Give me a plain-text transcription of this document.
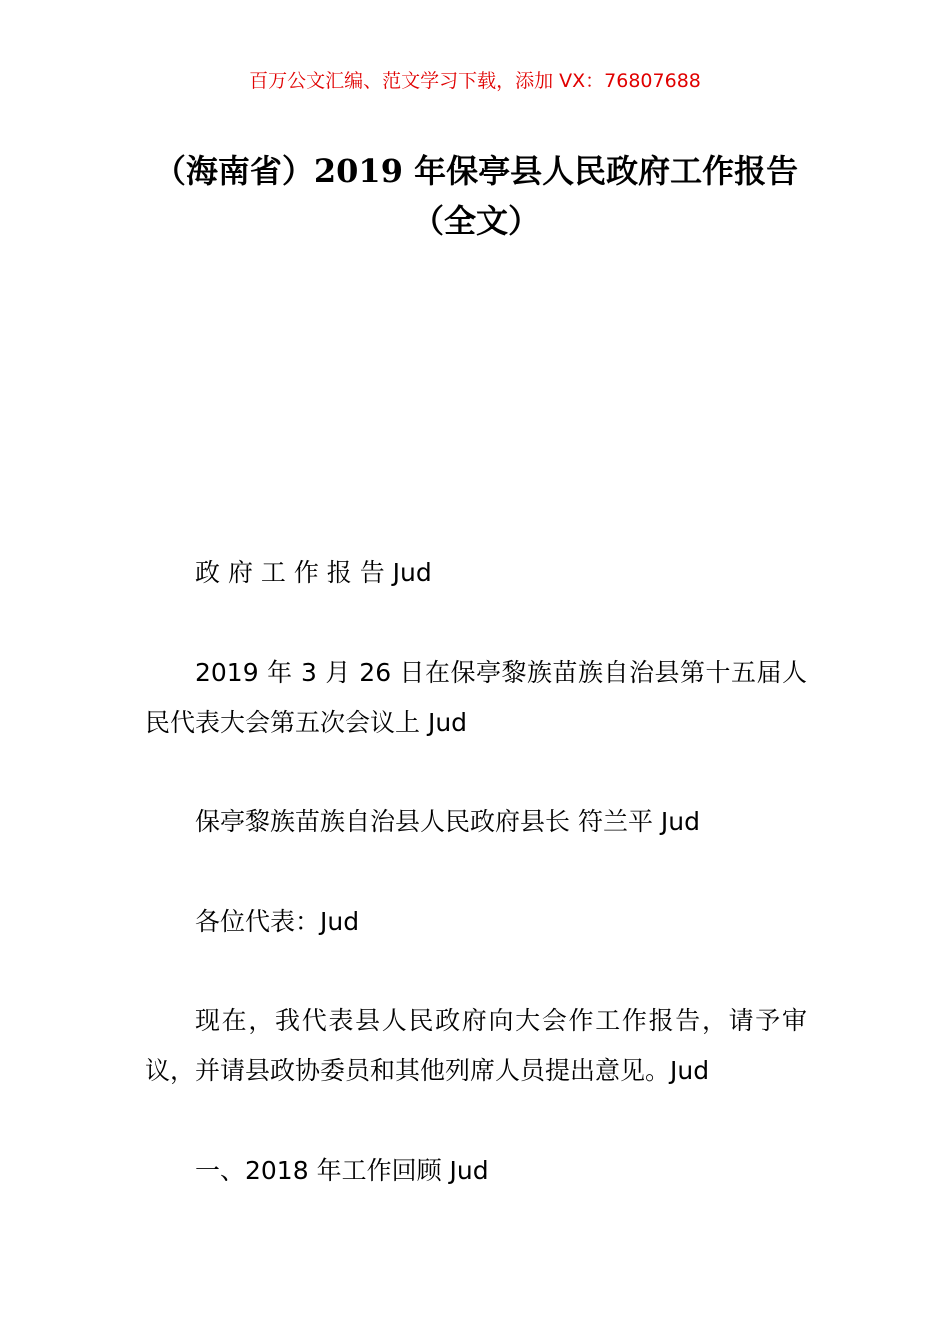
百万公文汇编、范文学习下载，添加 VX：76807688
（海南省）2019 年保亭县人民政府工作报告（全文）

政 府 工 作 报 告 Jud

2019 年 3 月 26 日在保亭黎族苗族自治县第十五届人民代表大会第五次会议上 Jud

保亭黎族苗族自治县人民政府县长 符兰平 Jud

各位代表：Jud

现在，我代表县人民政府向大会作工作报告，请予审议，并请县政协委员和其他列席人员提出意见。Jud

一、2018 年工作回顾 Jud
